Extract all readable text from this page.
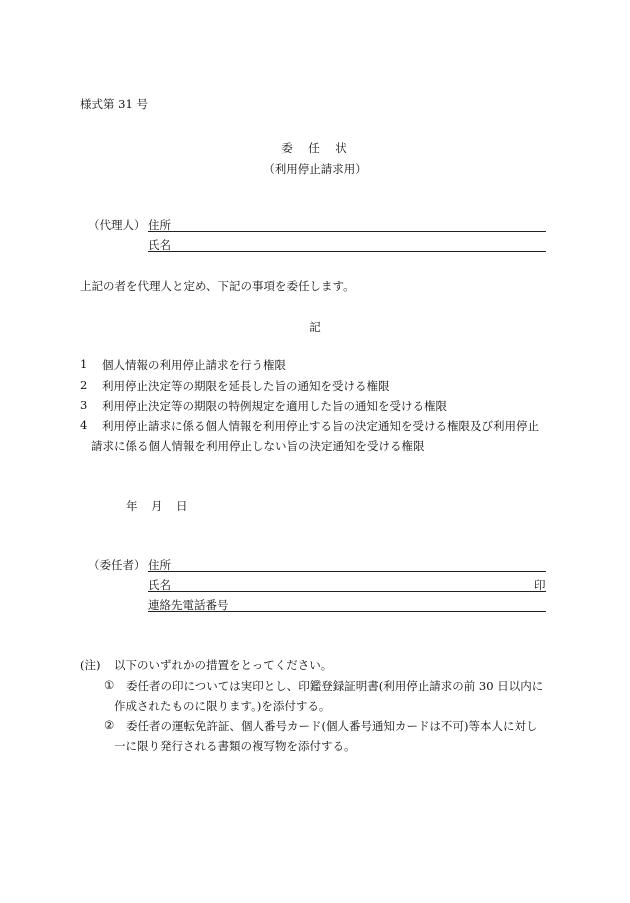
様式第 31 号
委　任　状
（利用停止請求用）
（代理人） 住所
氏名
上記の者を代理人と定め、下記の事項を委任します。
記
1 個人情報の利用停止請求を行う権限
2 利用停止決定等の期限を延長した旨の通知を受ける権限
3 利用停止決定等の期限の特例規定を適用した旨の通知を受ける権限
4 利用停止請求に係る個人情報を利用停止する旨の決定通知を受ける権限及び利用停止
請求に係る個人情報を利用停止しない旨の決定通知を受ける権限
年　月　日
（委任者） 住所
氏名	印
連絡先電話番号
(注) 以下のいずれかの措置をとってください。
① 委任者の印については実印とし、印鑑登録証明書(利用停止請求の前 30 日以内に
作成されたものに限ります。)を添付する。
② 委任者の運転免許証、個人番号カード(個人番号通知カードは不可)等本人に対し
一に限り発行される書類の複写物を添付する。
